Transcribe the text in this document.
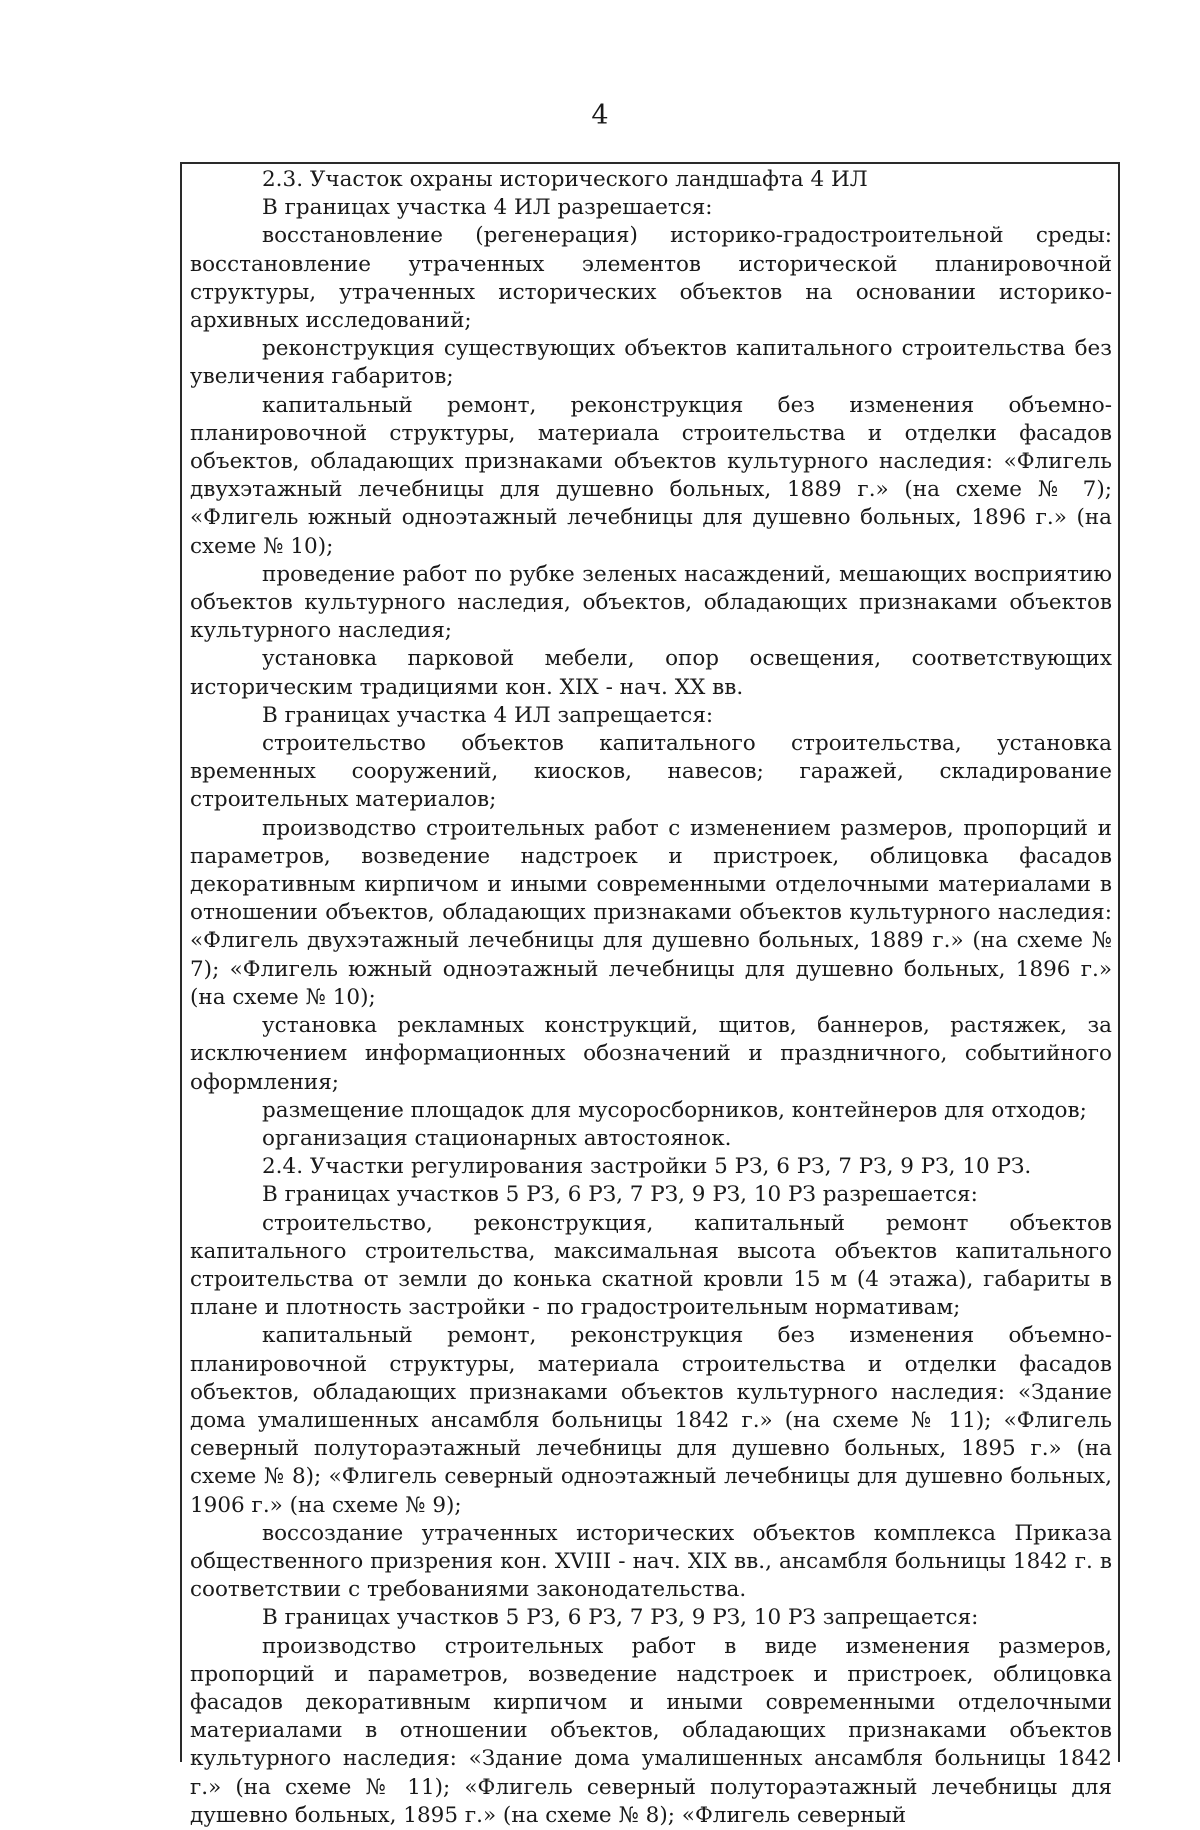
4

2.3. Участок охраны исторического ландшафта 4 ИЛ

В границах участка 4 ИЛ разрешается:

восстановление (регенерация) историко-градостроительной среды: восстановление утраченных элементов исторической планировочной структуры, утраченных исторических объектов на основании историко-архивных исследований;

реконструкция существующих объектов капитального строительства без увеличения габаритов;

капитальный ремонт, реконструкция без изменения объемно-планировочной структуры, материала строительства и отделки фасадов объектов, обладающих признаками объектов культурного наследия: «Флигель двухэтажный лечебницы для душевно больных, 1889 г.» (на схеме № 7); «Флигель южный одноэтажный лечебницы для душевно больных, 1896 г.» (на схеме № 10);

проведение работ по рубке зеленых насаждений, мешающих восприятию объектов культурного наследия, объектов, обладающих признаками объектов культурного наследия;

установка парковой мебели, опор освещения, соответствующих историческим традициями кон. XIX - нач. XX вв.

В границах участка 4 ИЛ запрещается:

строительство объектов капитального строительства, установка временных сооружений, киосков, навесов; гаражей, складирование строительных материалов;

производство строительных работ с изменением размеров, пропорций и параметров, возведение надстроек и пристроек, облицовка фасадов декоративным кирпичом и иными современными отделочными материалами в отношении объектов, обладающих признаками объектов культурного наследия: «Флигель двухэтажный лечебницы для душевно больных, 1889 г.» (на схеме № 7); «Флигель южный одноэтажный лечебницы для душевно больных, 1896 г.» (на схеме № 10);

установка рекламных конструкций, щитов, баннеров, растяжек, за исключением информационных обозначений и праздничного, событийного оформления;

размещение площадок для мусоросборников, контейнеров для отходов;

организация стационарных автостоянок.

2.4. Участки регулирования застройки 5 РЗ, 6 РЗ, 7 РЗ, 9 РЗ, 10 РЗ.

В границах участков 5 РЗ, 6 РЗ, 7 РЗ, 9 РЗ, 10 РЗ разрешается:

строительство, реконструкция, капитальный ремонт объектов капитального строительства, максимальная высота объектов капитального строительства от земли до конька скатной кровли 15 м (4 этажа), габариты в плане и плотность застройки - по градостроительным нормативам;

капитальный ремонт, реконструкция без изменения объемно-планировочной структуры, материала строительства и отделки фасадов объектов, обладающих признаками объектов культурного наследия: «Здание дома умалишенных ансамбля больницы 1842 г.» (на схеме № 11); «Флигель северный полутораэтажный лечебницы для душевно больных, 1895 г.» (на схеме № 8); «Флигель северный одноэтажный лечебницы для душевно больных, 1906 г.» (на схеме № 9);

воссоздание утраченных исторических объектов комплекса Приказа общественного призрения кон. XVIII - нач. XIX вв., ансамбля больницы 1842 г. в соответствии с требованиями законодательства.

В границах участков 5 РЗ, 6 РЗ, 7 РЗ, 9 РЗ, 10 РЗ запрещается:

производство строительных работ в виде изменения размеров, пропорций и параметров, возведение надстроек и пристроек, облицовка фасадов декоративным кирпичом и иными современными отделочными материалами в отношении объектов, обладающих признаками объектов культурного наследия: «Здание дома умалишенных ансамбля больницы 1842 г.» (на схеме № 11); «Флигель северный полутораэтажный лечебницы для душевно больных, 1895 г.» (на схеме № 8); «Флигель северный
